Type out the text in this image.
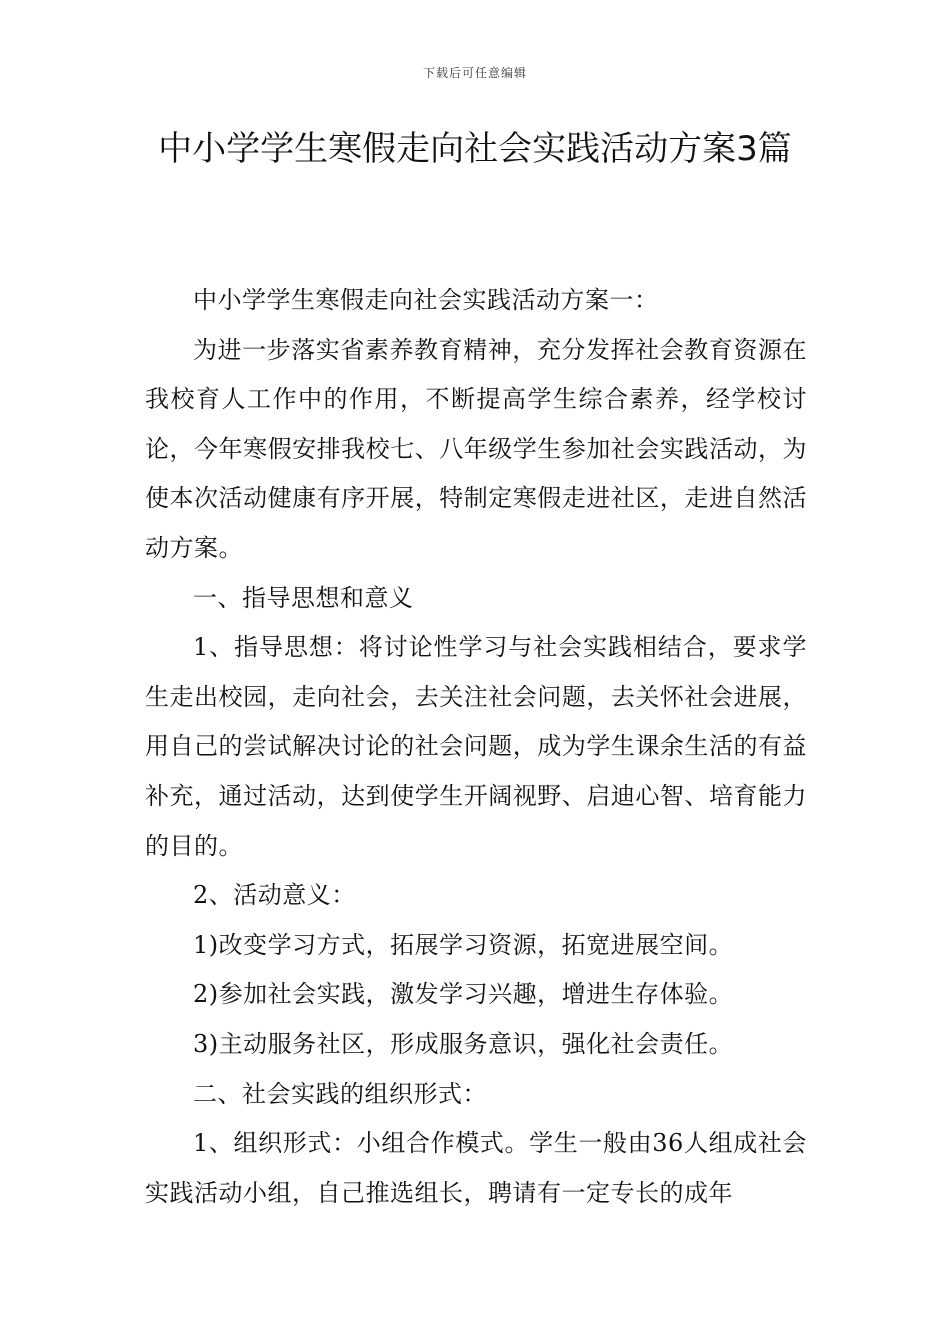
下载后可任意编辑
中小学学生寒假走向社会实践活动方案3篇

中小学学生寒假走向社会实践活动方案一：

为进一步落实省素养教育精神，充分发挥社会教育资源在我校育人工作中的作用，不断提高学生综合素养，经学校讨论，今年寒假安排我校七、八年级学生参加社会实践活动，为使本次活动健康有序开展，特制定寒假走进社区，走进自然活动方案。

一、指导思想和意义

1、指导思想：将讨论性学习与社会实践相结合，要求学生走出校园，走向社会，去关注社会问题，去关怀社会进展，用自己的尝试解决讨论的社会问题，成为学生课余生活的有益补充，通过活动，达到使学生开阔视野、启迪心智、培育能力的目的。

2、活动意义：

1)改变学习方式，拓展学习资源，拓宽进展空间。

2)参加社会实践，激发学习兴趣，增进生存体验。

3)主动服务社区，形成服务意识，强化社会责任。

二、社会实践的组织形式：

1、组织形式：小组合作模式。学生一般由36人组成社会实践活动小组，自己推选组长，聘请有一定专长的成年
